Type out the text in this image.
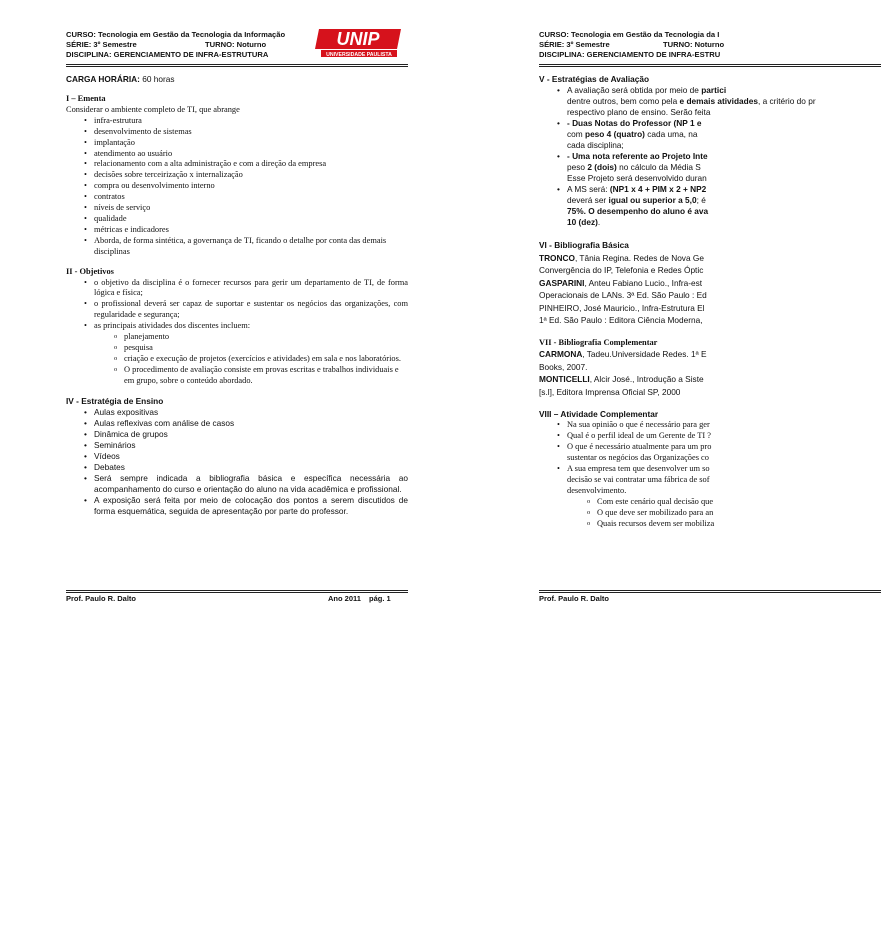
CURSO: Tecnologia em Gestão da Tecnologia da Informação
SÉRIE: 3º Semestre	TURNO: Noturno
DISCIPLINA: GERENCIAMENTO DE INFRA-ESTRUTURA
UNIP
UNIVERSIDADE PAULISTA
CARGA HORÁRIA: 60 horas
I – Ementa
Considerar o ambiente completo de TI, que abrange
• infra-estrutura
• desenvolvimento de sistemas
• implantação
• atendimento ao usuário
• relacionamento com a alta administração e com a direção da empresa
• decisões sobre terceirização x internalização
• compra ou desenvolvimento interno
• contratos
• níveis de serviço
• qualidade
• métricas e indicadores
• Aborda, de forma sintética, a governança de TI, ficando o detalhe por conta das demais disciplinas
II - Objetivos
• o objetivo da disciplina é o fornecer recursos para gerir um departamento de TI, de forma lógica e física;
• o profissional deverá ser capaz de suportar e sustentar os negócios das organizações, com regularidade e segurança;
• as principais atividades dos discentes incluem:
o planejamento
o pesquisa
o criação e execução de projetos (exercícios e atividades) em sala e nos laboratórios.
o O procedimento de avaliação consiste em provas escritas e trabalhos individuais e em grupo, sobre o conteúdo abordado.
IV - Estratégia de Ensino
• Aulas expositivas
• Aulas reflexivas com análise de casos
• Dinâmica de grupos
• Seminários
• Vídeos
• Debates
• Será sempre indicada a bibliografia básica e específica necessária ao acompanhamento do curso e orientação do aluno na vida acadêmica e profissional.
• A exposição será feita por meio de colocação dos pontos a serem discutidos de forma esquemática, seguida de apresentação por parte do professor.
Prof. Paulo R. Dalto	Ano 2011 pág. 1
CURSO: Tecnologia em Gestão da Tecnologia da I
SÉRIE: 3º Semestre	TURNO: Noturno
DISCIPLINA: GERENCIAMENTO DE INFRA-ESTRU
V - Estratégias de Avaliação
• A avaliação será obtida por meio de partici
dentre outros, bem como pela e demais atividades, a critério do pr
respectivo plano de ensino. Serão feita
• - Duas Notas do Professor (NP 1 e
com peso 4 (quatro) cada uma, na
cada disciplina;
• - Uma nota referente ao Projeto Inte
peso 2 (dois) no cálculo da Média S
Esse Projeto será desenvolvido duran
• A MS será: (NP1 x 4 + PIM x 2 + NP2
deverá ser igual ou superior a 5,0; é
75%. O desempenho do aluno é ava
10 (dez).
VI - Bibliografia Básica
TRONCO, Tânia Regina. Redes de Nova Ge
Convergência do IP, Telefonia e Redes Óptic
GASPARINI, Anteu Fabiano Lucio., Infra-est
Operacionais de LANs. 3ª Ed. São Paulo : Ed
PINHEIRO, José Mauricio., Infra-Estrutura El
1ª Ed. São Paulo : Editora Ciência Moderna,
VII - Bibliografia Complementar
CARMONA, Tadeu.Universidade Redes. 1ª E
Books, 2007.
MONTICELLI, Alcir José., Introdução a Siste
[s.l], Editora Imprensa Oficial SP, 2000
VIII – Atividade Complementar
• Na sua opinião o que é necessário para ger
• Qual é o perfil ideal de um Gerente de TI ?
• O que é necessário atualmente para um pro
sustentar os negócios das Organizações co
• A sua empresa tem que desenvolver um so
decisão se vai contratar uma fábrica de sof
desenvolvimento.
o Com este cenário qual decisão que
o O que deve ser mobilizado para an
o Quais recursos devem ser mobiliza
Prof. Paulo R. Dalto
